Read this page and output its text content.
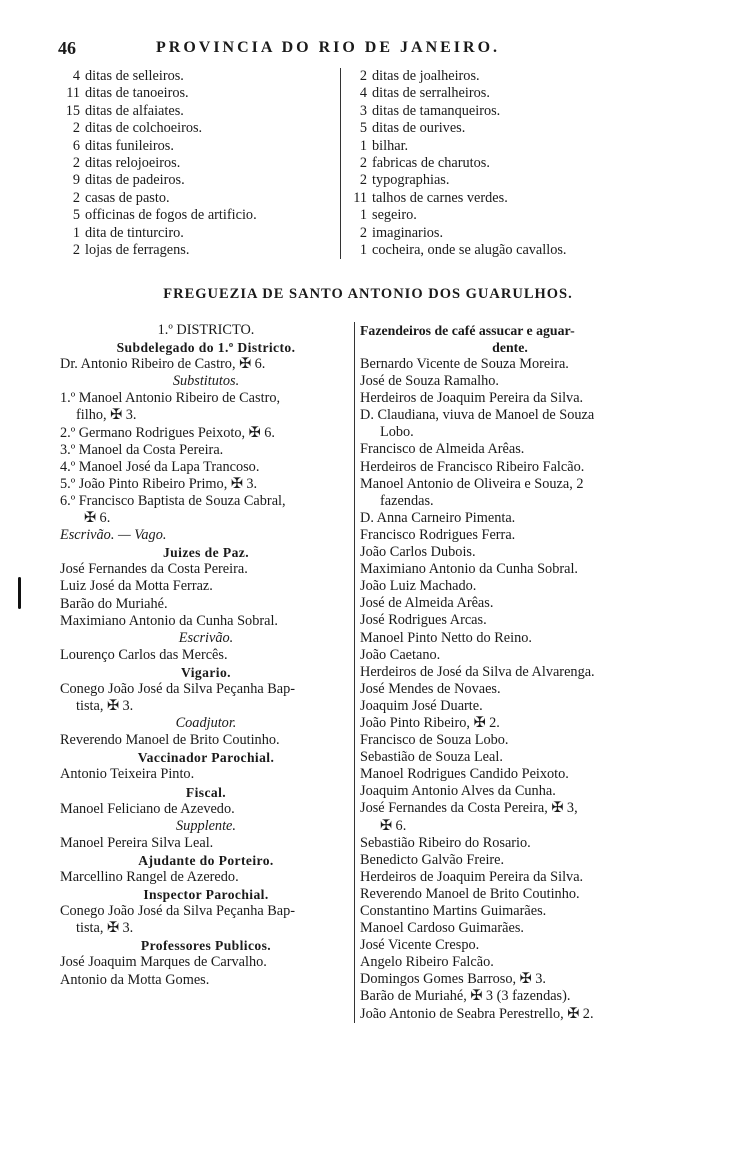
46	PROVINCIA DO RIO DE JANEIRO.
4 ditas de selleiros.
11 ditas de tanoeiros.
15 ditas de alfaiates.
2 ditas de colchoeiros.
6 ditas funileiros.
2 ditas relojoeiros.
9 ditas de padeiros.
2 casas de pasto.
5 officinas de fogos de artificio.
1 dita de tinturciro.
2 lojas de ferragens.
2 ditas de joalheiros.
4 ditas de serralheiros.
3 ditas de tamanqueiros.
5 ditas de ourives.
1 bilhar.
2 fabricas de charutos.
2 typographias.
11 talhos de carnes verdes.
1 segeiro.
2 imaginarios.
1 cocheira, onde se alugão cavallos.
FREGUEZIA DE SANTO ANTONIO DOS GUARULHOS.
1.º DISTRICTO.
Subdelegado do 1.º Districto.
Dr. Antonio Ribeiro de Castro, ✠ 6.
Substitutos.
1.º Manoel Antonio Ribeiro de Castro,
filho, ✠ 3.
2.º Germano Rodrigues Peixoto, ✠ 6.
3.º Manoel da Costa Pereira.
4.º Manoel José da Lapa Trancoso.
5.º João Pinto Ribeiro Primo, ✠ 3.
6.º Francisco Baptista de Souza Cabral,
✠ 6.
Escrivão. — Vago.
Juizes de Paz.
José Fernandes da Costa Pereira.
Luiz José da Motta Ferraz.
Barão do Muriahé.
Maximiano Antonio da Cunha Sobral.
Escrivão.
Lourenço Carlos das Mercês.
Vigario.
Conego João José da Silva Peçanha Bap-
tista, ✠ 3.
Coadjutor.
Reverendo Manoel de Brito Coutinho.
Vaccinador Parochial.
Antonio Teixeira Pinto.
Fiscal.
Manoel Feliciano de Azevedo.
Supplente.
Manoel Pereira Silva Leal.
Ajudante do Porteiro.
Marcellino Rangel de Azeredo.
Inspector Parochial.
Conego João José da Silva Peçanha Bap-
tista, ✠ 3.
Professores Publicos.
José Joaquim Marques de Carvalho.
Antonio da Motta Gomes.
Fazendeiros de café assucar e aguar-
dente.
Bernardo Vicente de Souza Moreira.
José de Souza Ramalho.
Herdeiros de Joaquim Pereira da Silva.
D. Claudiana, viuva de Manoel de Souza
Lobo.
Francisco de Almeida Arêas.
Herdeiros de Francisco Ribeiro Falcão.
Manoel Antonio de Oliveira e Souza, 2
fazendas.
D. Anna Carneiro Pimenta.
Francisco Rodrigues Ferra.
João Carlos Dubois.
Maximiano Antonio da Cunha Sobral.
João Luiz Machado.
José de Almeida Arêas.
José Rodrigues Arcas.
Manoel Pinto Netto do Reino.
João Caetano.
Herdeiros de José da Silva de Alvarenga.
José Mendes de Novaes.
Joaquim José Duarte.
João Pinto Ribeiro, ✠ 2.
Francisco de Souza Lobo.
Sebastião de Souza Leal.
Manoel Rodrigues Candido Peixoto.
Joaquim Antonio Alves da Cunha.
José Fernandes da Costa Pereira, ✠ 3,
✠ 6.
Sebastião Ribeiro do Rosario.
Benedicto Galvão Freire.
Herdeiros de Joaquim Pereira da Silva.
Reverendo Manoel de Brito Coutinho.
Constantino Martins Guimarães.
Manoel Cardoso Guimarães.
José Vicente Crespo.
Angelo Ribeiro Falcão.
Domingos Gomes Barroso, ✠ 3.
Barão de Muriahé, ✠ 3 (3 fazendas).
João Antonio de Seabra Perestrello, ✠ 2.
